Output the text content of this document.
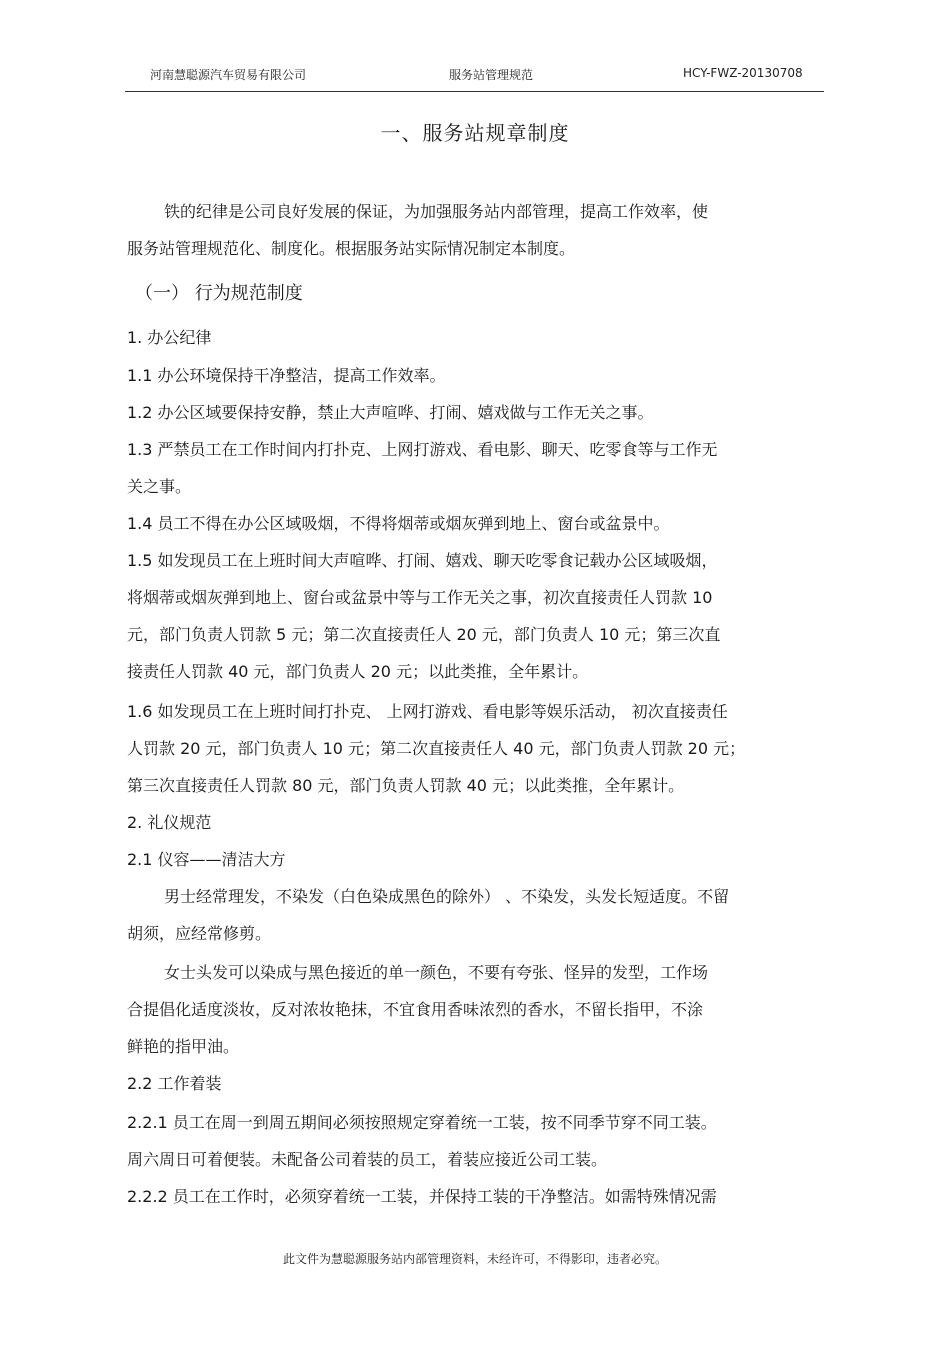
河南慧聪源汽车贸易有限公司	服务站管理规范	HCY-FWZ-20130708
一、服务站规章制度
铁的纪律是公司良好发展的保证，为加强服务站内部管理，提高工作效率，使
服务站管理规范化、制度化。根据服务站实际情况制定本制度。
（一） 行为规范制度
1. 办公纪律
1.1 办公环境保持干净整洁，提高工作效率。
1.2 办公区域要保持安静，禁止大声喧哗、打闹、嬉戏做与工作无关之事。
1.3 严禁员工在工作时间内打扑克、上网打游戏、看电影、聊天、吃零食等与工作无
关之事。
1.4 员工不得在办公区域吸烟，不得将烟蒂或烟灰弹到地上、窗台或盆景中。
1.5 如发现员工在上班时间大声喧哗、打闹、嬉戏、聊天吃零食记载办公区域吸烟，
将烟蒂或烟灰弹到地上、窗台或盆景中等与工作无关之事，初次直接责任人罚款 10
元，部门负责人罚款 5 元；第二次直接责任人 20 元，部门负责人 10 元；第三次直
接责任人罚款 40 元，部门负责人 20 元；以此类推，全年累计。
1.6 如发现员工在上班时间打扑克、 上网打游戏、看电影等娱乐活动， 初次直接责任
人罚款 20 元，部门负责人 10 元；第二次直接责任人 40 元，部门负责人罚款 20 元；
第三次直接责任人罚款 80 元，部门负责人罚款 40 元；以此类推，全年累计。
2. 礼仪规范
2.1 仪容——清洁大方
男士经常理发，不染发（白色染成黑色的除外） 、不染发，头发长短适度。不留
胡须，应经常修剪。
女士头发可以染成与黑色接近的单一颜色，不要有夸张、怪异的发型，工作场
合提倡化适度淡妆，反对浓妆艳抹，不宜食用香味浓烈的香水，不留长指甲，不涂
鲜艳的指甲油。
2.2 工作着装
2.2.1 员工在周一到周五期间必须按照规定穿着统一工装，按不同季节穿不同工装。
周六周日可着便装。未配备公司着装的员工，着装应接近公司工装。
2.2.2 员工在工作时，必须穿着统一工装，并保持工装的干净整洁。如需特殊情况需
此文件为慧聪源服务站内部管理资料，未经许可，不得影印，违者必究。
